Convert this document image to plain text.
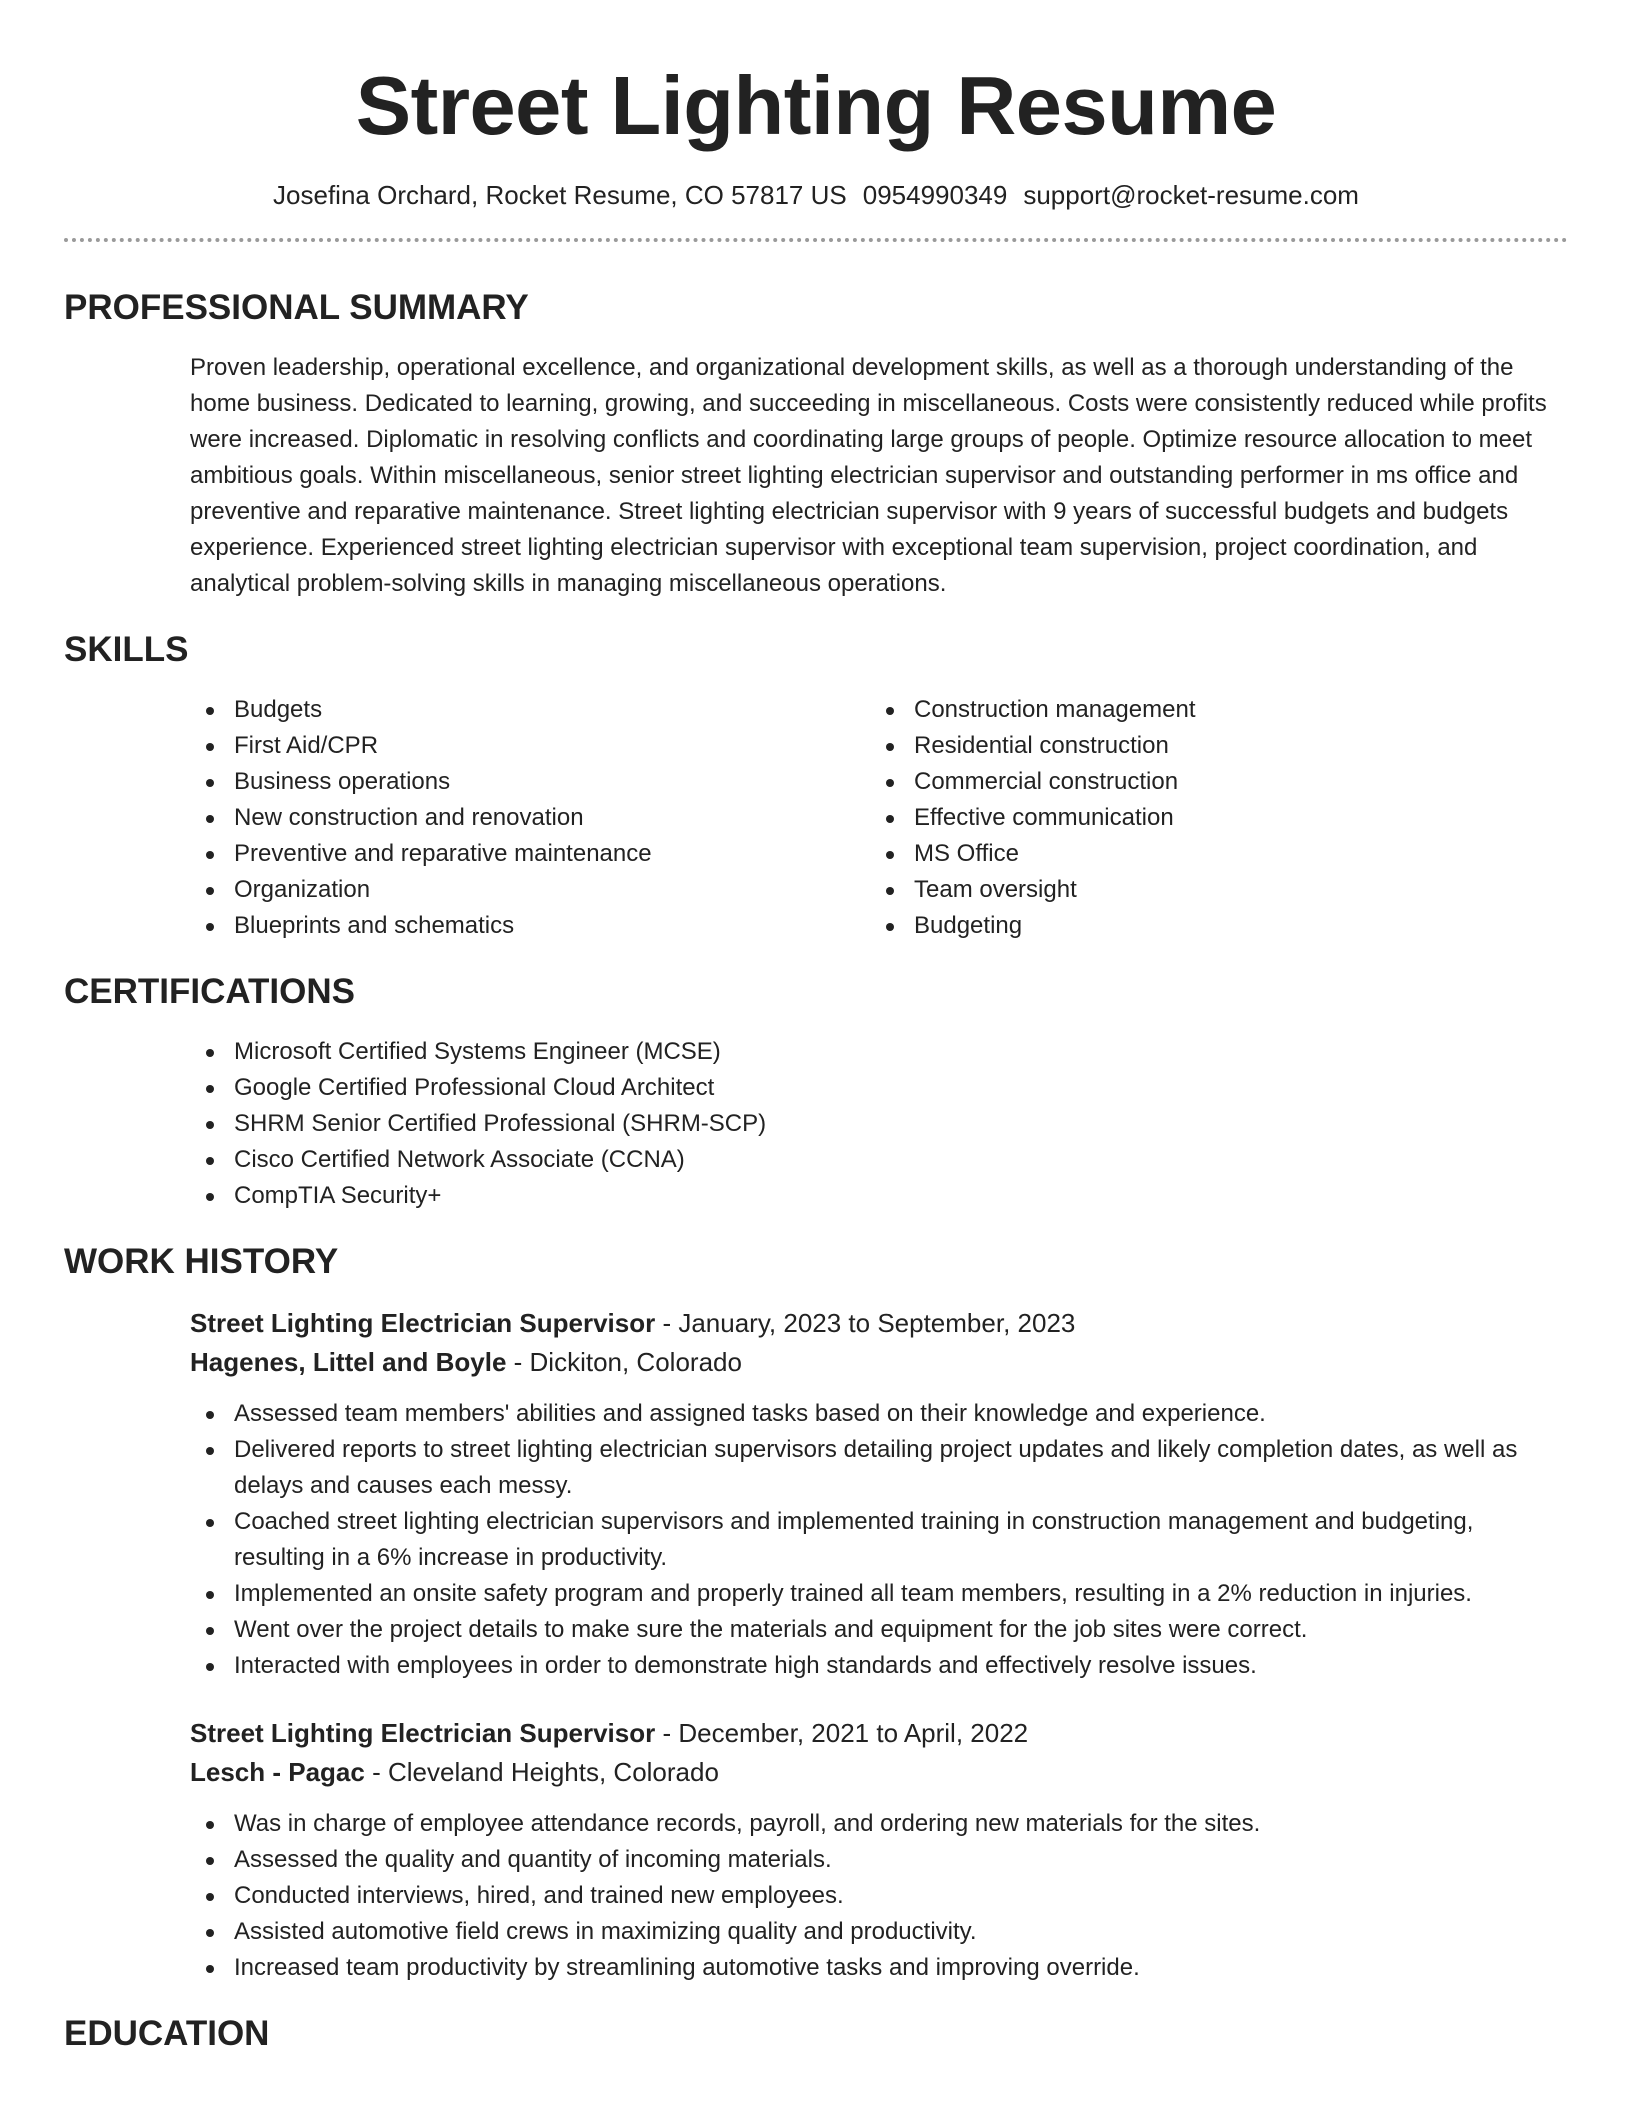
Street Lighting Resume
Josefina Orchard, Rocket Resume, CO 57817 US 0954990349 support@rocket-resume.com
PROFESSIONAL SUMMARY

Proven leadership, operational excellence, and organizational development skills, as well as a thorough understanding of the home business. Dedicated to learning, growing, and succeeding in miscellaneous. Costs were consistently reduced while profits were increased. Diplomatic in resolving conflicts and coordinating large groups of people. Optimize resource allocation to meet ambitious goals. Within miscellaneous, senior street lighting electrician supervisor and outstanding performer in ms office and preventive and reparative maintenance. Street lighting electrician supervisor with 9 years of successful budgets and budgets experience. Experienced street lighting electrician supervisor with exceptional team supervision, project coordination, and analytical problem-solving skills in managing miscellaneous operations.

SKILLS
Budgets
First Aid/CPR
Business operations
New construction and renovation
Preventive and reparative maintenance
Organization
Blueprints and schematics
Construction management
Residential construction
Commercial construction
Effective communication
MS Office
Team oversight
Budgeting
CERTIFICATIONS
Microsoft Certified Systems Engineer (MCSE)
Google Certified Professional Cloud Architect
SHRM Senior Certified Professional (SHRM-SCP)
Cisco Certified Network Associate (CCNA)
CompTIA Security+
WORK HISTORY
Street Lighting Electrician Supervisor - January, 2023 to September, 2023
Hagenes, Littel and Boyle - Dickiton, Colorado
Assessed team members' abilities and assigned tasks based on their knowledge and experience.
Delivered reports to street lighting electrician supervisors detailing project updates and likely completion dates, as well as delays and causes each messy.
Coached street lighting electrician supervisors and implemented training in construction management and budgeting, resulting in a 6% increase in productivity.
Implemented an onsite safety program and properly trained all team members, resulting in a 2% reduction in injuries.
Went over the project details to make sure the materials and equipment for the job sites were correct.
Interacted with employees in order to demonstrate high standards and effectively resolve issues.
Street Lighting Electrician Supervisor - December, 2021 to April, 2022
Lesch - Pagac - Cleveland Heights, Colorado
Was in charge of employee attendance records, payroll, and ordering new materials for the sites.
Assessed the quality and quantity of incoming materials.
Conducted interviews, hired, and trained new employees.
Assisted automotive field crews in maximizing quality and productivity.
Increased team productivity by streamlining automotive tasks and improving override.
EDUCATION
